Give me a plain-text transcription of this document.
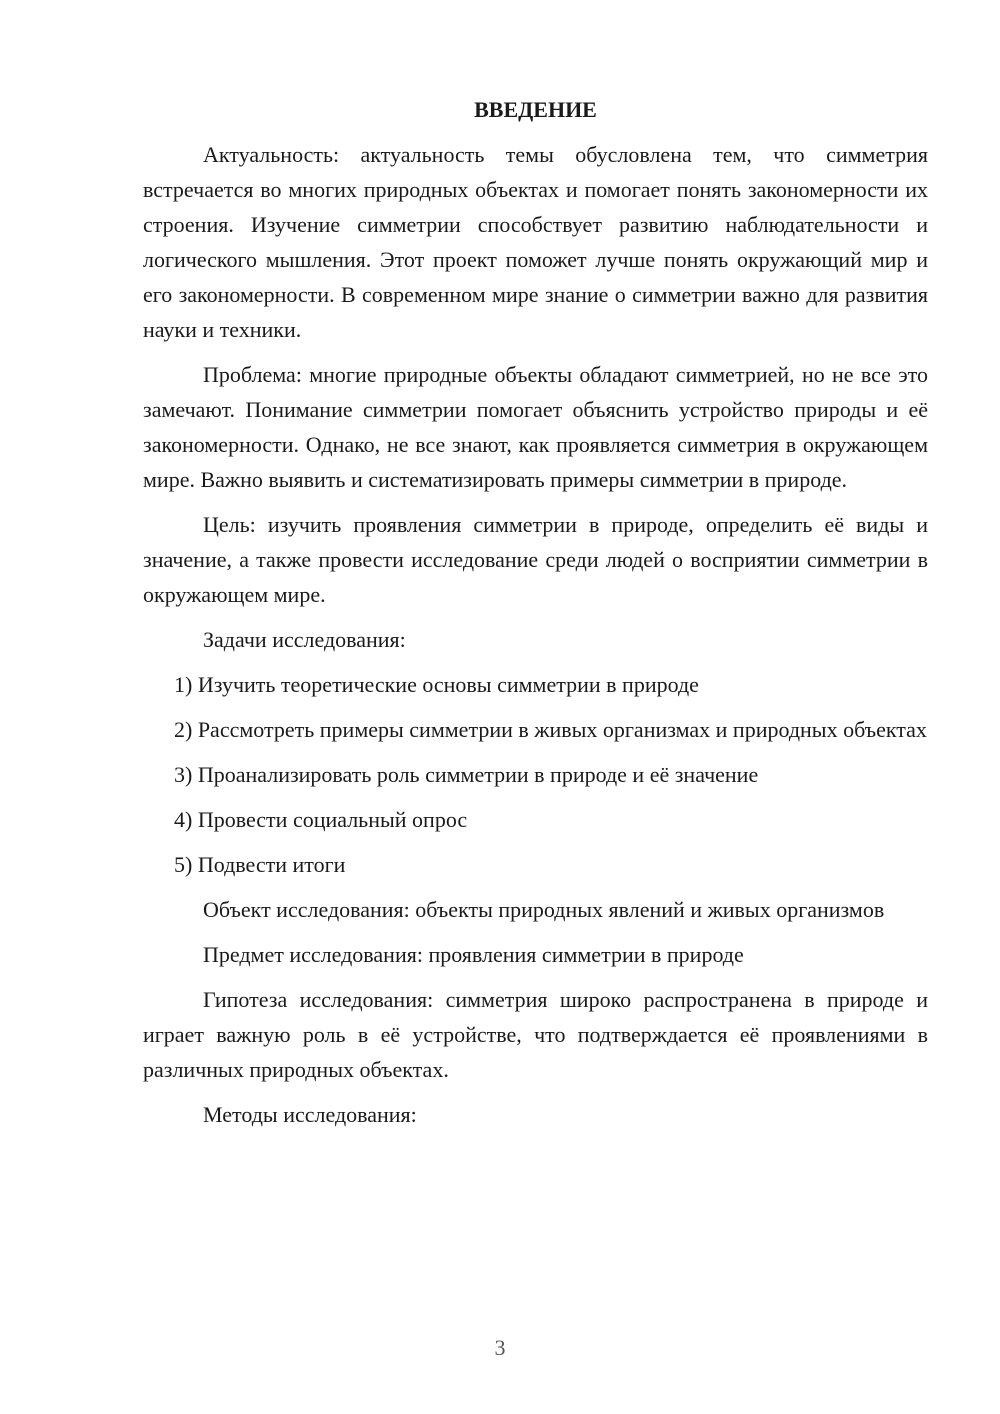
ВВЕДЕНИЕ

Актуальность: актуальность темы обусловлена тем, что симметрия встречается во многих природных объектах и помогает понять закономерности их строения. Изучение симметрии способствует развитию наблюдательности и логического мышления. Этот проект поможет лучше понять окружающий мир и его закономерности. В современном мире знание о симметрии важно для развития науки и техники.

Проблема: многие природные объекты обладают симметрией, но не все это замечают. Понимание симметрии помогает объяснить устройство природы и её закономерности. Однако, не все знают, как проявляется симметрия в окружающем мире. Важно выявить и систематизировать примеры симметрии в природе.

Цель: изучить проявления симметрии в природе, определить её виды и значение, а также провести исследование среди людей о восприятии симметрии в окружающем мире.

Задачи исследования:

1) Изучить теоретические основы симметрии в природе

2) Рассмотреть примеры симметрии в живых организмах и природных объектах

3) Проанализировать роль симметрии в природе и её значение

4) Провести социальный опрос

5) Подвести итоги

Объект исследования: объекты природных явлений и живых организмов

Предмет исследования: проявления симметрии в природе

Гипотеза исследования: симметрия широко распространена в природе и играет важную роль в её устройстве, что подтверждается её проявлениями в различных природных объектах.

Методы исследования:

3
